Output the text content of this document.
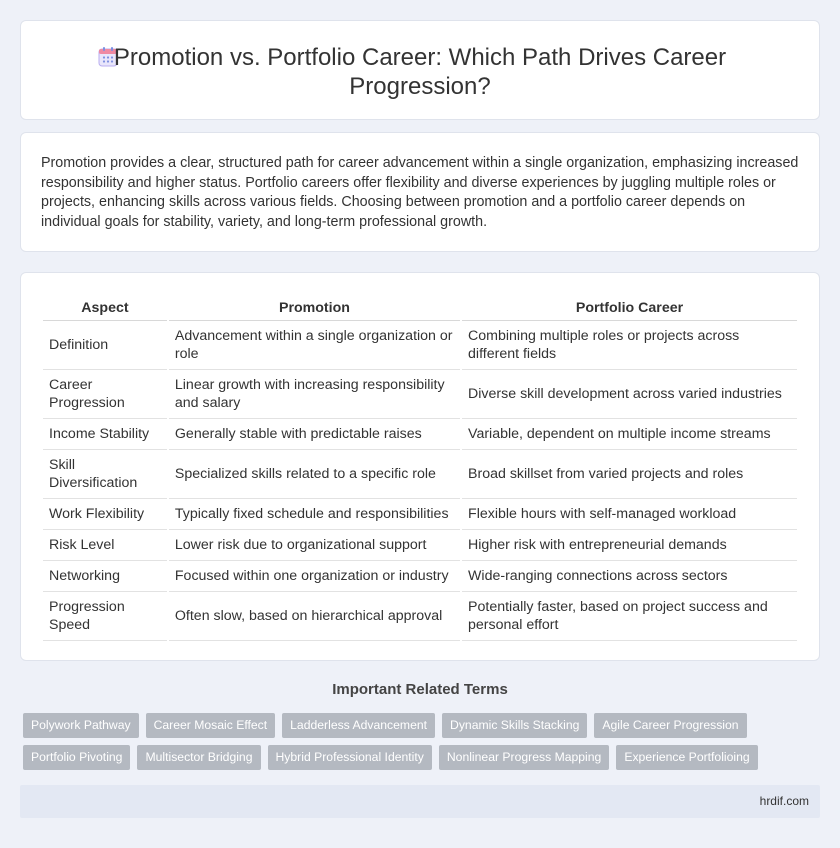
Promotion vs. Portfolio Career: Which Path Drives Career Progression?

Promotion provides a clear, structured path for career advancement within a single organization, emphasizing increased responsibility and higher status. Portfolio careers offer flexibility and diverse experiences by juggling multiple roles or projects, enhancing skills across various fields. Choosing between promotion and a portfolio career depends on individual goals for stability, variety, and long-term professional growth.

Aspect	Promotion	Portfolio Career
Definition	Advancement within a single organization or role	Combining multiple roles or projects across different fields
Career Progression	Linear growth with increasing responsibility and salary	Diverse skill development across varied industries
Income Stability	Generally stable with predictable raises	Variable, dependent on multiple income streams
Skill Diversification	Specialized skills related to a specific role	Broad skillset from varied projects and roles
Work Flexibility	Typically fixed schedule and responsibilities	Flexible hours with self-managed workload
Risk Level	Lower risk due to organizational support	Higher risk with entrepreneurial demands
Networking	Focused within one organization or industry	Wide-ranging connections across sectors
Progression Speed	Often slow, based on hierarchical approval	Potentially faster, based on project success and personal effort
Important Related Terms
Polywork Pathway	Career Mosaic Effect	Ladderless Advancement	Dynamic Skills Stacking	Agile Career Progression
Portfolio Pivoting	Multisector Bridging	Hybrid Professional Identity	Nonlinear Progress Mapping	Experience Portfolioing
hrdif.com
